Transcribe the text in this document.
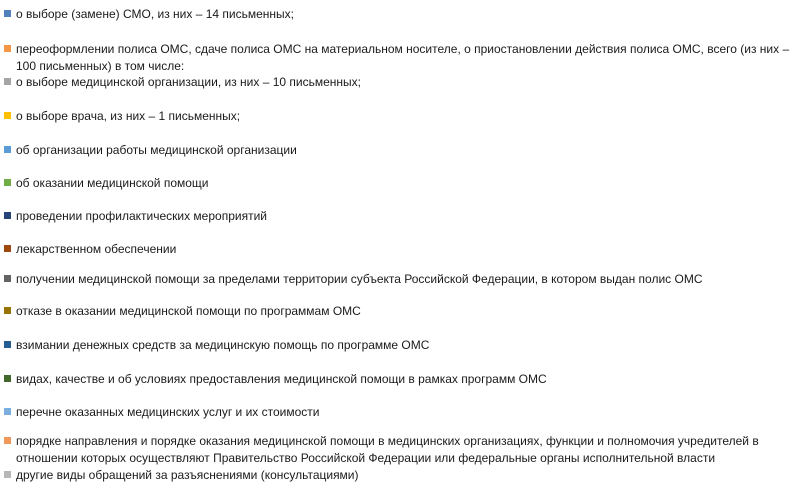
о выборе (замене) СМО, из них – 14 письменных;
переоформлении полиса ОМС, сдаче полиса ОМС на материальном носителе, о приостановлении действия полиса ОМС, всего (из них – 100 письменных) в том числе:
о выборе медицинской организации, из них – 10 письменных;
о выборе врача, из них – 1 письменных;
об организации работы медицинской организации
об оказании медицинской помощи
проведении профилактических мероприятий
лекарственном обеспечении
получении медицинской помощи за пределами территории субъекта Российской Федерации, в котором выдан полис ОМС
отказе в оказании медицинской помощи по программам ОМС
взимании денежных средств за медицинскую помощь по программе ОМС
видах, качестве и об условиях предоставления медицинской помощи в рамках программ ОМС
перечне оказанных медицинских услуг и их стоимости
порядке направления и порядке оказания медицинской помощи в медицинских организациях, функции и полномочия учредителей в отношении которых осуществляют Правительство Российской Федерации или федеральные органы исполнительной власти
другие виды обращений за разъяснениями (консультациями)
